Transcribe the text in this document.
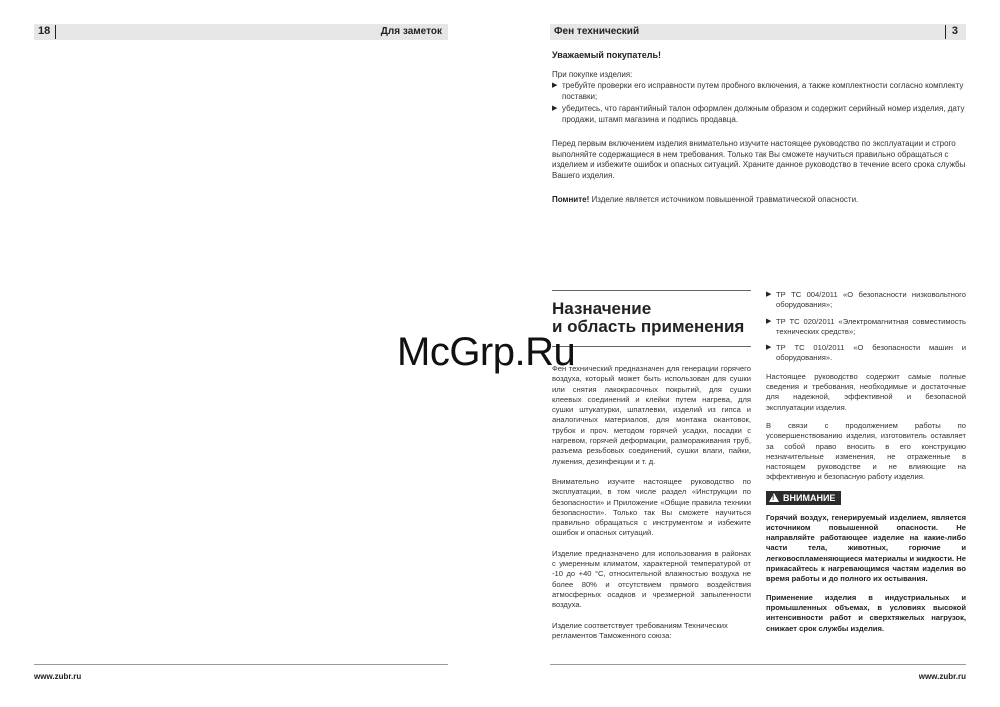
18	Для заметок
www.zubr.ru
Фен технический	3
Уважаемый покупатель!
При покупке изделия:
▶ требуйте проверки его исправности путем пробного включения, а также комплектности согласно комплекту поставки;
▶ убедитесь, что гарантийный талон оформлен должным образом и содержит серийный номер изделия, дату продажи, штамп магазина и подпись продавца.

Перед первым включением изделия внимательно изучите настоящее руководство по эксплуатации и строго выполняйте содержащиеся в нем требования. Только так Вы сможете научиться правильно обращаться с изделием и избежите ошибок и опасных ситуаций. Храните данное руководство в течение всего срока службы Вашего изделия.

Помните! Изделие является источником повышенной травматической опасности.

Назначение
и область применения

Фен технический предназначен для генерации горячего воздуха, который может быть использован для сушки или снятия лакокрасочных покрытий, для сушки клеевых соединений и клейки путем нагрева, для сушки штукатурки, шпатлевки, изделий из гипса и аналогичных материалов, для монтажа окантовок, трубок и проч. методом горячей усадки, посадки с нагревом, горячей деформации, размораживания труб, разъема резьбовых соединений, сушки влаги, пайки, лужения, дезинфекции и т. д.

Внимательно изучите настоящее руководство по эксплуатации, в том числе раздел «Инструкции по безопасности» и Приложение «Общие правила техники безопасности». Только так Вы сможете научиться правильно обращаться с инструментом и избежите ошибок и опасных ситуаций.

Изделие предназначено для использования в районах с умеренным климатом, характерной температурой от -10 до +40 °С, относительной влажностью воздуха не более 80% и отсутствием прямого воздействия атмосферных осадков и чрезмерной запыленности воздуха.

Изделие соответствует требованиям Технических регламентов Таможенного союза:

▶ ТР ТС 004/2011 «О безопасности низковольтного оборудования»;
▶ ТР ТС 020/2011 «Электромагнитная совместимость технических средств»;
▶ ТР ТС 010/2011 «О безопасности машин и оборудования».

Настоящее руководство содержит самые полные сведения и требования, необходимые и достаточные для надежной, эффективной и безопасной эксплуатации изделия.

В связи с продолжением работы по усовершенствованию изделия, изготовитель оставляет за собой право вносить в его конструкцию незначительные изменения, не отраженные в настоящем руководстве и не влияющие на эффективную и безопасную работу изделия.

! ВНИМАНИЕ

Горячий воздух, генерируемый изделием, является источником повышенной опасности. Не направляйте работающее изделие на какие-либо части тела, животных, горючие и легковоспламеняющиеся материалы и жидкости. Не прикасайтесь к нагревающимся частям изделия во время работы и до полного их остывания.

Применение изделия в индустриальных и промышленных объемах, в условиях высокой интенсивности работ и сверхтяжелых нагрузок, снижает срок службы изделия.

www.zubr.ru
McGrp.Ru
